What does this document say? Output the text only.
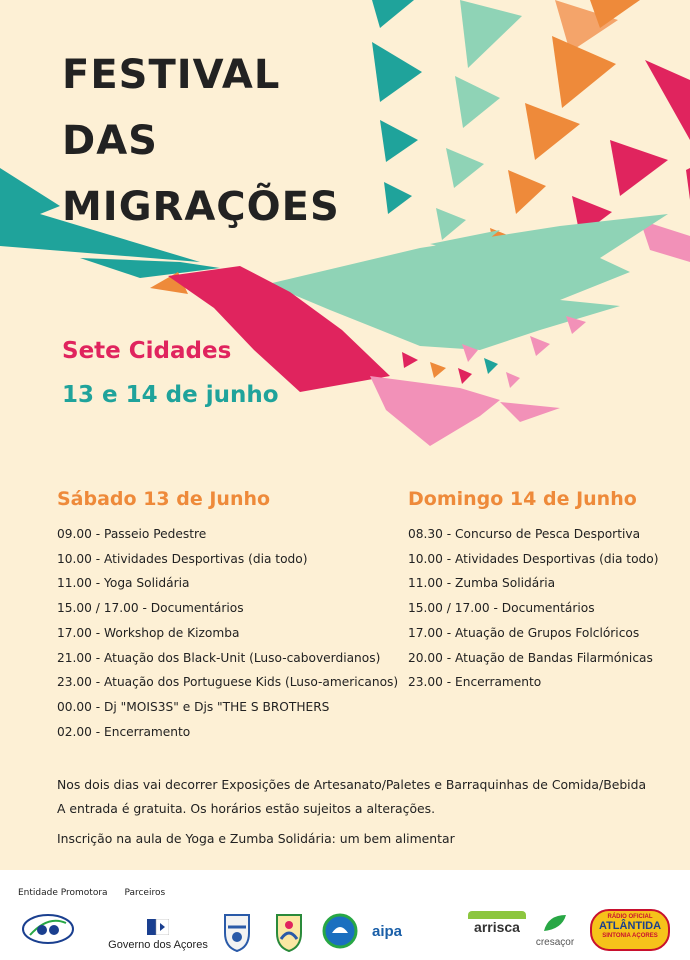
FESTIVAL
DAS
MIGRAÇÕES
Sete Cidades
13 e 14 de junho
Sábado 13 de Junho
09.00 - Passeio Pedestre
10.00 - Atividades Desportivas (dia todo)
11.00 - Yoga Solidária
15.00 / 17.00 - Documentários
17.00 - Workshop de Kizomba
21.00 - Atuação dos Black-Unit (Luso-caboverdianos)
23.00 - Atuação dos Portuguese Kids (Luso-americanos)
00.00 - Dj "MOIS3S" e Djs "THE S BROTHERS
02.00 - Encerramento
Domingo 14 de Junho
08.30 - Concurso de Pesca Desportiva
10.00 - Atividades Desportivas (dia todo)
11.00 - Zumba Solidária
15.00 / 17.00 - Documentários
17.00 - Atuação de Grupos Folclóricos
20.00 - Atuação de Bandas Filarmónicas
23.00 - Encerramento

Nos dois dias vai decorrer Exposições de Artesanato/Paletes e Barraquinhas de Comida/Bebida

A entrada é gratuita. Os horários estão sujeitos a alterações.

Inscrição na aula de Yoga e Zumba Solidária: um bem alimentar

Entidade Promotora Parceiros
Governo dos Açores
aipa	arrisca
cresaçor
RÁDIO OFICIAL
ATLÂNTIDA
SINTONIA AÇORES
